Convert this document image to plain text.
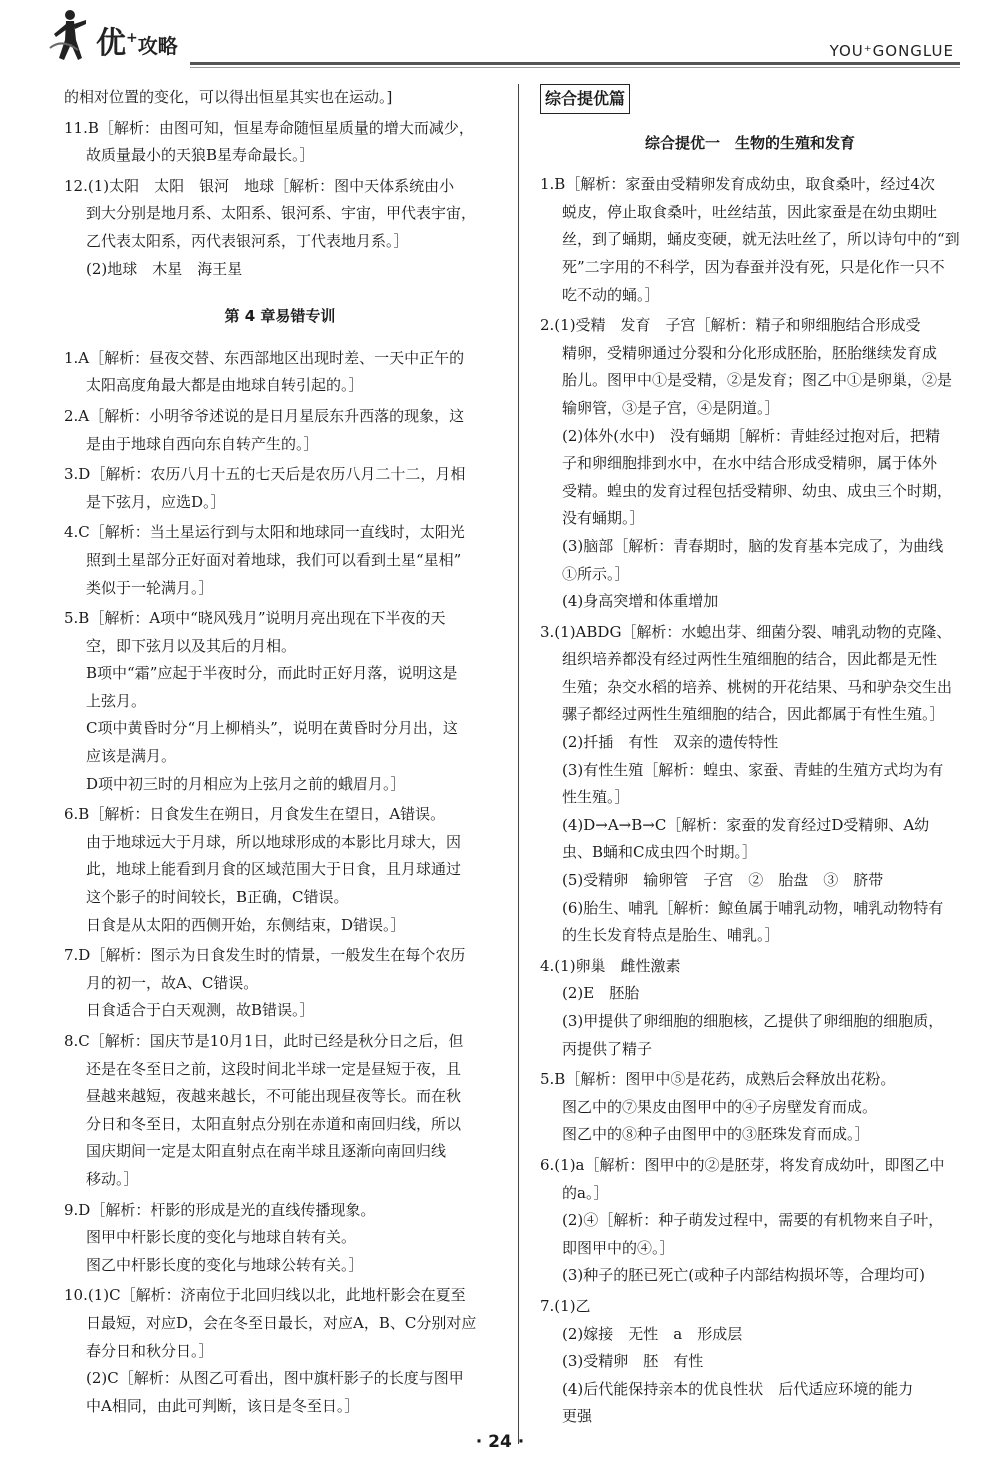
优+攻略	YOU⁺GONGLUE
的相对位置的变化，可以得出恒星其实也在运动。]
11.B［解析：由图可知，恒星寿命随恒星质量的增大而减少，
故质量最小的天狼B星寿命最长。］
12.(1)太阳　太阳　银河　地球［解析：图中天体系统由小
到大分别是地月系、太阳系、银河系、宇宙，甲代表宇宙，
乙代表太阳系，丙代表银河系，丁代表地月系。］
(2)地球　木星　海王星
第 4 章易错专训
1.A［解析：昼夜交替、东西部地区出现时差、一天中正午的
太阳高度角最大都是由地球自转引起的。］
2.A［解析：小明爷爷述说的是日月星辰东升西落的现象，这
是由于地球自西向东自转产生的。］
3.D［解析：农历八月十五的七天后是农历八月二十二，月相
是下弦月，应选D。］
4.C［解析：当土星运行到与太阳和地球同一直线时，太阳光
照到土星部分正好面对着地球，我们可以看到土星“星相”
类似于一轮满月。］
5.B［解析：A项中“晓风残月”说明月亮出现在下半夜的天
空，即下弦月以及其后的月相。
B项中“霜”应起于半夜时分，而此时正好月落，说明这是
上弦月。
C项中黄昏时分“月上柳梢头”，说明在黄昏时分月出，这
应该是满月。
D项中初三时的月相应为上弦月之前的蛾眉月。］
6.B［解析：日食发生在朔日，月食发生在望日，A错误。
由于地球远大于月球，所以地球形成的本影比月球大，因
此，地球上能看到月食的区域范围大于日食，且月球通过
这个影子的时间较长，B正确，C错误。
日食是从太阳的西侧开始，东侧结束，D错误。］
7.D［解析：图示为日食发生时的情景，一般发生在每个农历
月的初一，故A、C错误。
日食适合于白天观测，故B错误。］
8.C［解析：国庆节是10月1日，此时已经是秋分日之后，但
还是在冬至日之前，这段时间北半球一定是昼短于夜，且
昼越来越短，夜越来越长，不可能出现昼夜等长。而在秋
分日和冬至日，太阳直射点分别在赤道和南回归线，所以
国庆期间一定是太阳直射点在南半球且逐渐向南回归线
移动。］
9.D［解析：杆影的形成是光的直线传播现象。
图甲中杆影长度的变化与地球自转有关。
图乙中杆影长度的变化与地球公转有关。］
10.(1)C［解析：济南位于北回归线以北，此地杆影会在夏至
日最短，对应D，会在冬至日最长，对应A，B、C分别对应
春分日和秋分日。］
(2)C［解析：从图乙可看出，图中旗杆影子的长度与图甲
中A相同，由此可判断，该日是冬至日。］
综合提优篇
综合提优一　生物的生殖和发育
1.B［解析：家蚕由受精卵发育成幼虫，取食桑叶，经过4次
蜕皮，停止取食桑叶，吐丝结茧，因此家蚕是在幼虫期吐
丝，到了蛹期，蛹皮变硬，就无法吐丝了，所以诗句中的“到
死”二字用的不科学，因为春蚕并没有死，只是化作一只不
吃不动的蛹。］
2.(1)受精　发育　子宫［解析：精子和卵细胞结合形成受
精卵，受精卵通过分裂和分化形成胚胎，胚胎继续发育成
胎儿。图甲中①是受精，②是发育；图乙中①是卵巢，②是
输卵管，③是子宫，④是阴道。］
(2)体外(水中)　没有蛹期［解析：青蛙经过抱对后，把精
子和卵细胞排到水中，在水中结合形成受精卵，属于体外
受精。蝗虫的发育过程包括受精卵、幼虫、成虫三个时期，
没有蛹期。］
(3)脑部［解析：青春期时，脑的发育基本完成了，为曲线
①所示。］
(4)身高突增和体重增加
3.(1)ABDG［解析：水螅出芽、细菌分裂、哺乳动物的克隆、
组织培养都没有经过两性生殖细胞的结合，因此都是无性
生殖；杂交水稻的培养、桃树的开花结果、马和驴杂交生出
骡子都经过两性生殖细胞的结合，因此都属于有性生殖。］
(2)扦插　有性　双亲的遗传特性
(3)有性生殖［解析：蝗虫、家蚕、青蛙的生殖方式均为有
性生殖。］
(4)D→A→B→C［解析：家蚕的发育经过D受精卵、A幼
虫、B蛹和C成虫四个时期。］
(5)受精卵　输卵管　子宫　②　胎盘　③　脐带
(6)胎生、哺乳［解析：鲸鱼属于哺乳动物，哺乳动物特有
的生长发育特点是胎生、哺乳。］
4.(1)卵巢　雌性激素
(2)E　胚胎
(3)甲提供了卵细胞的细胞核，乙提供了卵细胞的细胞质，
丙提供了精子
5.B［解析：图甲中⑤是花药，成熟后会释放出花粉。
图乙中的⑦果皮由图甲中的④子房壁发育而成。
图乙中的⑧种子由图甲中的③胚珠发育而成。］
6.(1)a［解析：图甲中的②是胚芽，将发育成幼叶，即图乙中
的a。］
(2)④［解析：种子萌发过程中，需要的有机物来自子叶，
即图甲中的④。］
(3)种子的胚已死亡(或种子内部结构损坏等，合理均可)
7.(1)乙
(2)嫁接　无性　a　形成层
(3)受精卵　胚　有性
(4)后代能保持亲本的优良性状　后代适应环境的能力
更强
· 24 ·
